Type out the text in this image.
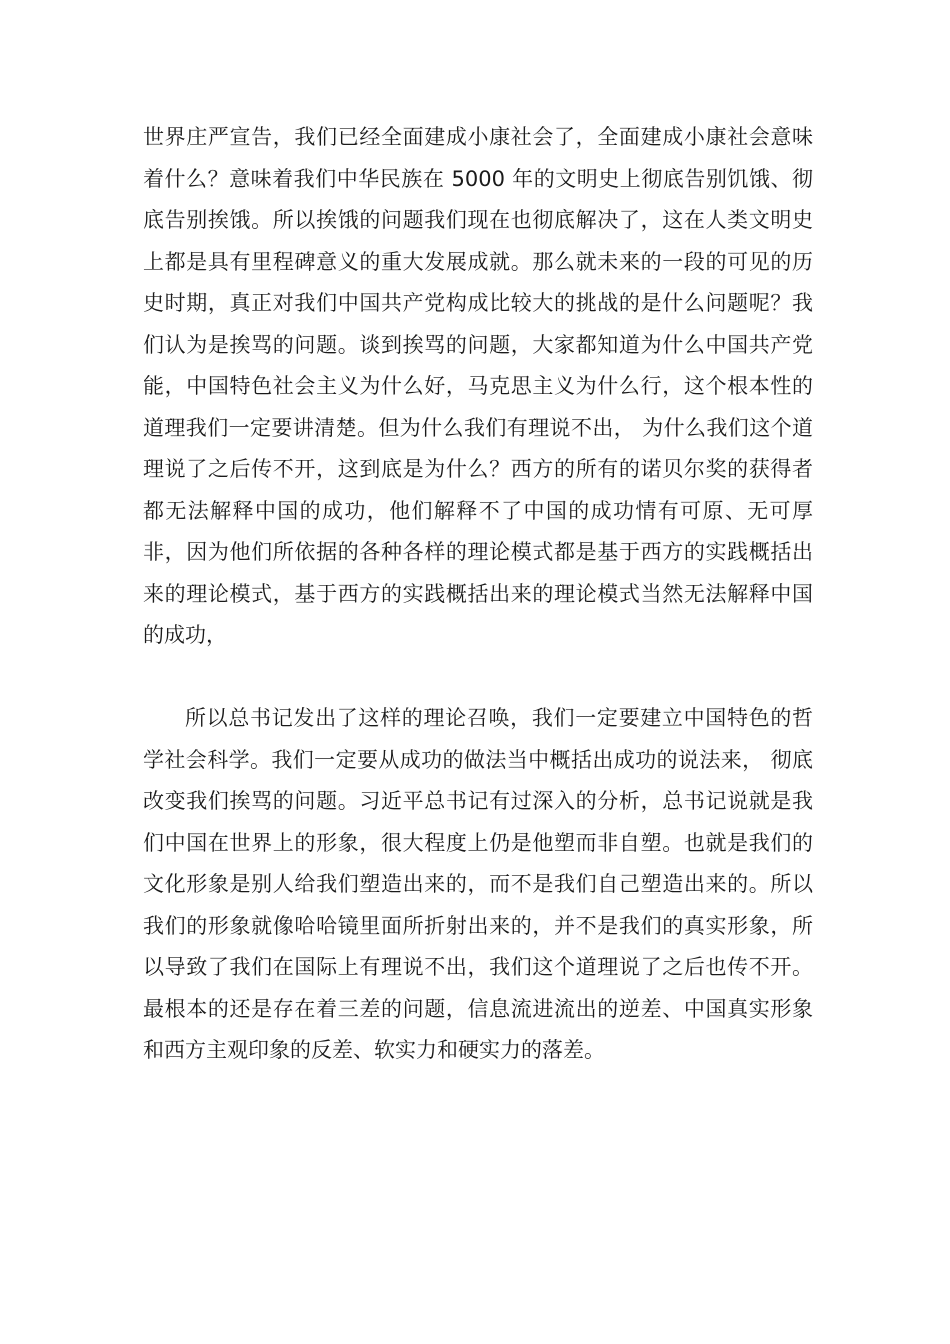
世界庄严宣告，我们已经全面建成小康社会了，全面建成小康社会意味着什么？意味着我们中华民族在 5000 年的文明史上彻底告别饥饿、彻底告别挨饿。所以挨饿的问题我们现在也彻底解决了，这在人类文明史上都是具有里程碑意义的重大发展成就。那么就未来的一段的可见的历史时期，真正对我们中国共产党构成比较大的挑战的是什么问题呢？我们认为是挨骂的问题。谈到挨骂的问题，大家都知道为什么中国共产党能，中国特色社会主义为什么好，马克思主义为什么行，这个根本性的道理我们一定要讲清楚。但为什么我们有理说不出， 为什么我们这个道理说了之后传不开，这到底是为什么？西方的所有的诺贝尔奖的获得者都无法解释中国的成功，他们解释不了中国的成功情有可原、无可厚非，因为他们所依据的各种各样的理论模式都是基于西方的实践概括出来的理论模式，基于西方的实践概括出来的理论模式当然无法解释中国的成功，

所以总书记发出了这样的理论召唤，我们一定要建立中国特色的哲学社会科学。我们一定要从成功的做法当中概括出成功的说法来， 彻底改变我们挨骂的问题。习近平总书记有过深入的分析，总书记说就是我们中国在世界上的形象，很大程度上仍是他塑而非自塑。也就是我们的文化形象是别人给我们塑造出来的，而不是我们自己塑造出来的。所以我们的形象就像哈哈镜里面所折射出来的，并不是我们的真实形象，所以导致了我们在国际上有理说不出，我们这个道理说了之后也传不开。最根本的还是存在着三差的问题，信息流进流出的逆差、中国真实形象和西方主观印象的反差、软实力和硬实力的落差。
